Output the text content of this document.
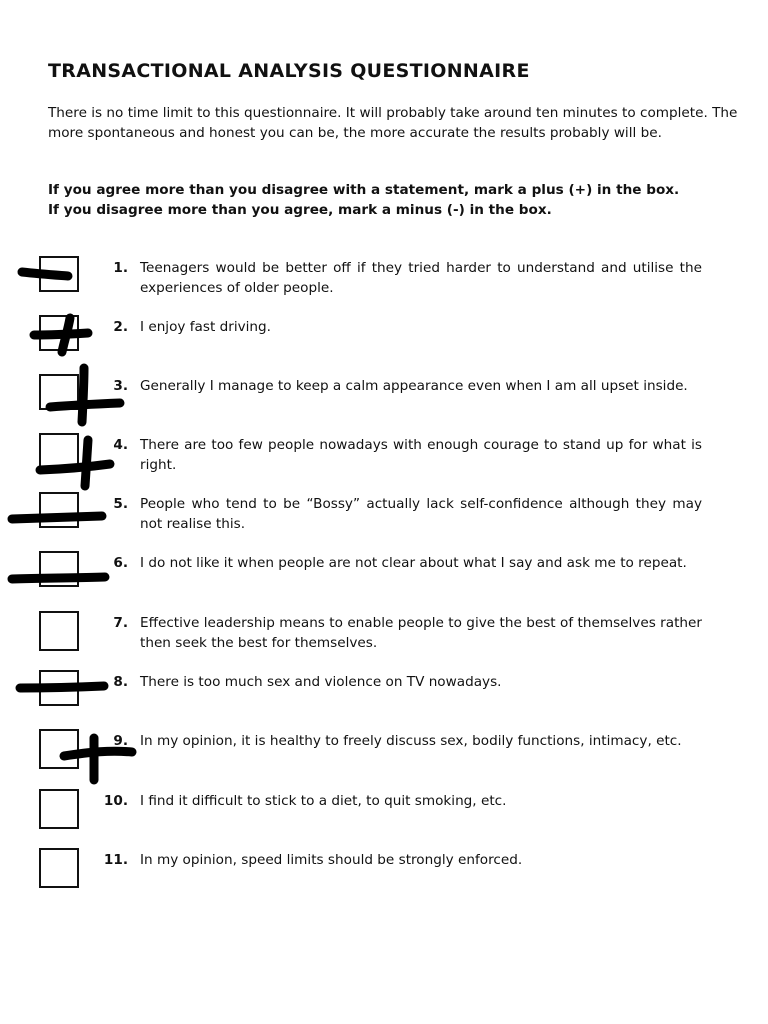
TRANSACTIONAL ANALYSIS QUESTIONNAIRE
There is no time limit to this questionnaire. It will probably take around ten minutes to complete. The more spontaneous and honest you can be, the more accurate the results probably will be.
If you agree more than you disagree with a statement, mark a plus (+) in the box.
If you disagree more than you agree, mark a minus (-) in the box.
1. Teenagers would be better off if they tried harder to understand and utilise the experiences of older people.
2. I enjoy fast driving.
3. Generally I manage to keep a calm appearance even when I am all upset inside.
4. There are too few people nowadays with enough courage to stand up for what is right.
5. People who tend to be “Bossy” actually lack self-confidence although they may not realise this.
6. I do not like it when people are not clear about what I say and ask me to repeat.
7. Effective leadership means to enable people to give the best of themselves rather then seek the best for themselves.
8. There is too much sex and violence on TV nowadays.
9. In my opinion, it is healthy to freely discuss sex, bodily functions, intimacy, etc.
10. I find it difficult to stick to a diet, to quit smoking, etc.
11. In my opinion, speed limits should be strongly enforced.
